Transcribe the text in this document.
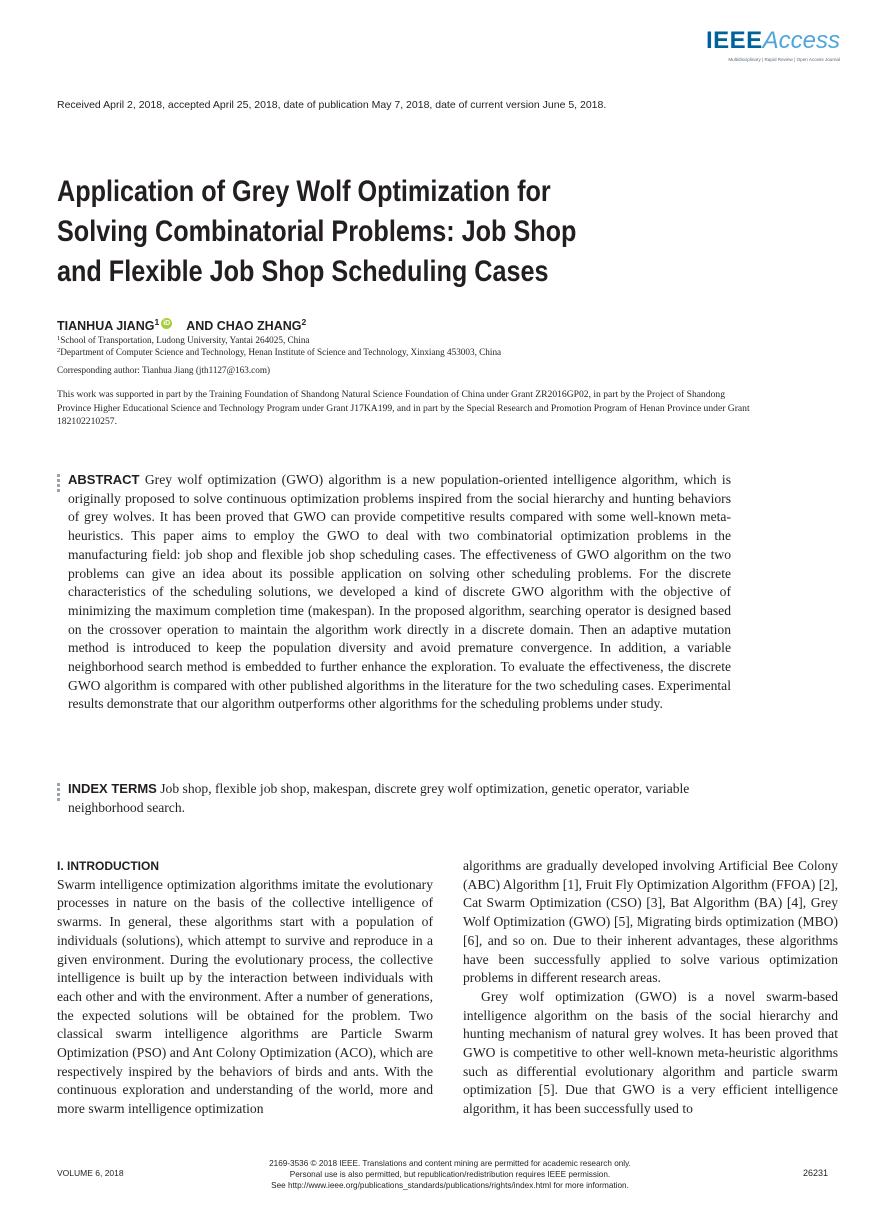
IEEEAccess
Multidisciplinary | Rapid Review | Open Access Journal
Received April 2, 2018, accepted April 25, 2018, date of publication May 7, 2018, date of current version June 5, 2018.
Application of Grey Wolf Optimization for
Solving Combinatorial Problems: Job Shop
and Flexible Job Shop Scheduling Cases
TIANHUA JIANG$^1$ iD AND CHAO ZHANG$^2$
$^1$School of Transportation, Ludong University, Yantai 264025, China
$^2$Department of Computer Science and Technology, Henan Institute of Science and Technology, Xinxiang 453003, China
Corresponding author: Tianhua Jiang (jth1127@163.com)
This work was supported in part by the Training Foundation of Shandong Natural Science Foundation of China under Grant ZR2016GP02, in part by the Project of Shandong Province Higher Educational Science and Technology Program under Grant J17KA199, and in part by the Special Research and Promotion Program of Henan Province under Grant 182102210257.
ABSTRACT Grey wolf optimization (GWO) algorithm is a new population-oriented intelligence algorithm, which is originally proposed to solve continuous optimization problems inspired from the social hierarchy and hunting behaviors of grey wolves. It has been proved that GWO can provide competitive results compared with some well-known meta-heuristics. This paper aims to employ the GWO to deal with two combinatorial optimization problems in the manufacturing field: job shop and flexible job shop scheduling cases. The effectiveness of GWO algorithm on the two problems can give an idea about its possible application on solving other scheduling problems. For the discrete characteristics of the scheduling solutions, we developed a kind of discrete GWO algorithm with the objective of minimizing the maximum completion time (makespan). In the proposed algorithm, searching operator is designed based on the crossover operation to maintain the algorithm work directly in a discrete domain. Then an adaptive mutation method is introduced to keep the population diversity and avoid premature convergence. In addition, a variable neighborhood search method is embedded to further enhance the exploration. To evaluate the effectiveness, the discrete GWO algorithm is compared with other published algorithms in the literature for the two scheduling cases. Experimental results demonstrate that our algorithm outperforms other algorithms for the scheduling problems under study.
INDEX TERMS Job shop, flexible job shop, makespan, discrete grey wolf optimization, genetic operator, variable neighborhood search.
I. INTRODUCTION

Swarm intelligence optimization algorithms imitate the evolutionary processes in nature on the basis of the collective intelligence of swarms. In general, these algorithms start with a population of individuals (solutions), which attempt to survive and reproduce in a given environment. During the evolutionary process, the collective intelligence is built up by the interaction between individuals with each other and with the environment. After a number of generations, the expected solutions will be obtained for the problem. Two classical swarm intelligence algorithms are Particle Swarm Optimization (PSO) and Ant Colony Optimization (ACO), which are respectively inspired by the behaviors of birds and ants. With the continuous exploration and understanding of the world, more and more swarm intelligence optimization

algorithms are gradually developed involving Artificial Bee Colony (ABC) Algorithm [1], Fruit Fly Optimization Algorithm (FFOA) [2], Cat Swarm Optimization (CSO) [3], Bat Algorithm (BA) [4], Grey Wolf Optimization (GWO) [5], Migrating birds optimization (MBO) [6], and so on. Due to their inherent advantages, these algorithms have been successfully applied to solve various optimization problems in different research areas.

Grey wolf optimization (GWO) is a novel swarm-based intelligence algorithm on the basis of the social hierarchy and hunting mechanism of natural grey wolves. It has been proved that GWO is competitive to other well-known meta-heuristic algorithms such as differential evolutionary algorithm and particle swarm optimization [5]. Due that GWO is a very efficient intelligence algorithm, it has been successfully used to

VOLUME 6, 2018
2169-3536 © 2018 IEEE. Translations and content mining are permitted for academic research only.
Personal use is also permitted, but republication/redistribution requires IEEE permission.
See http://www.ieee.org/publications_standards/publications/rights/index.html for more information.
26231
